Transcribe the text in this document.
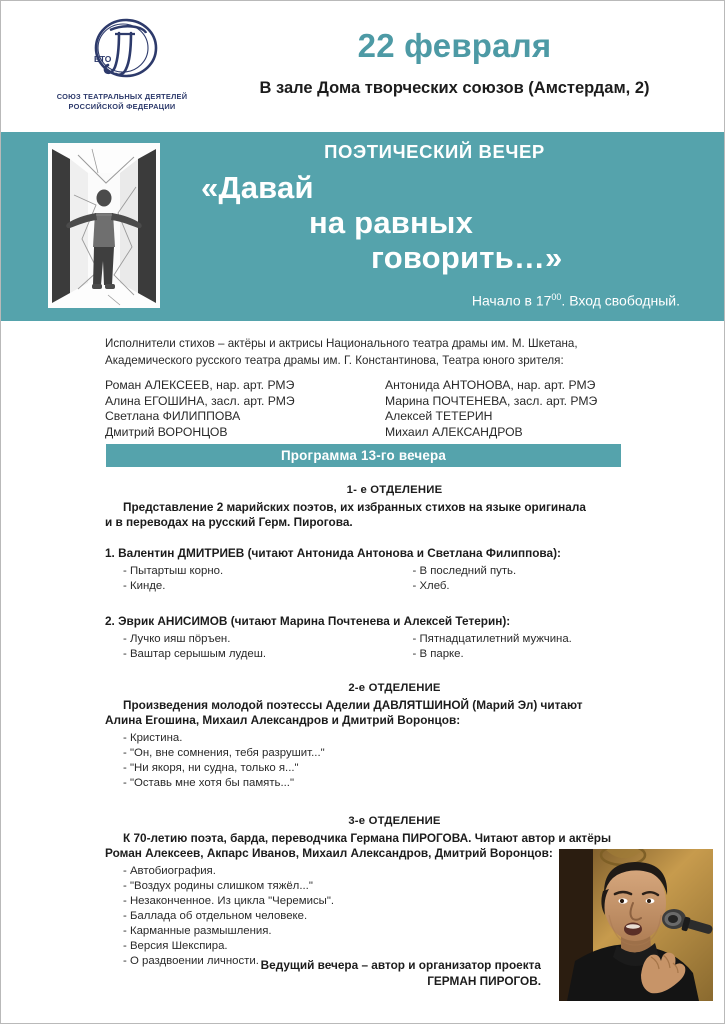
ВТО
СОЮЗ ТЕАТРАЛЬНЫХ ДЕЯТЕЛЕЙ
РОССИЙСКОЙ ФЕДЕРАЦИИ
22 февраля
В зале Дома творческих союзов (Амстердам, 2)
ПОЭТИЧЕСКИЙ ВЕЧЕР
«Давай
на равных
говорить…»
Начало в $17^{00}$. Вход свободный.
Исполнители стихов – актёры и актрисы Национального театра драмы им. М. Шкетана,
Академического русского театра драмы им. Г. Константинова, Театра юного зрителя:
Роман АЛЕКСЕЕВ, нар. арт. РМЭ
Алина ЕГОШИНА, засл. арт. РМЭ
Светлана ФИЛИППОВА
Дмитрий ВОРОНЦОВ
Антонида АНТОНОВА, нар. арт. РМЭ
Марина ПОЧТЕНЕВА, засл. арт. РМЭ
Алексей ТЕТЕРИН
Михаил АЛЕКСАНДРОВ
Программа 13-го вечера
1- е ОТДЕЛЕНИЕ
Представление 2 марийских поэтов, их избранных стихов на языке оригинала
и в переводах на русский Герм. Пирогова.
1. Валентин ДМИТРИЕВ (читают Антонида Антонова и Светлана Филиппова):
- Пытартыш корно.
- Кинде.
- В последний путь.
- Хлеб.
2. Эврик АНИСИМОВ (читают Марина Почтенева и Алексей Тетерин):
- Лучко ияш пӧръен.
- Ваштар серышым лудеш.
- Пятнадцатилетний мужчина.
- В парке.
2-е ОТДЕЛЕНИЕ
Произведения молодой поэтессы Аделии ДАВЛЯТШИНОЙ (Марий Эл) читают
Алина Егошина, Михаил Александров и Дмитрий Воронцов:
- Кристина.
- "Он, вне сомнения, тебя разрушит..."
- "Ни якоря, ни судна, только я..."
- "Оставь мне хотя бы память..."
3-е ОТДЕЛЕНИЕ
К 70-летию поэта, барда, переводчика Германа ПИРОГОВА. Читают автор и актёры
Роман Алексеев, Акпарс Иванов, Михаил Александров, Дмитрий Воронцов:
- Автобиография.
- "Воздух родины слишком тяжёл..."
- Незаконченное. Из цикла "Черемисы".
- Баллада об отдельном человеке.
- Карманные размышления.
- Версия Шекспира.
- О раздвоении личности. Ведущий вечера – автор и организатор проекта
ГЕРМАН ПИРОГОВ.
